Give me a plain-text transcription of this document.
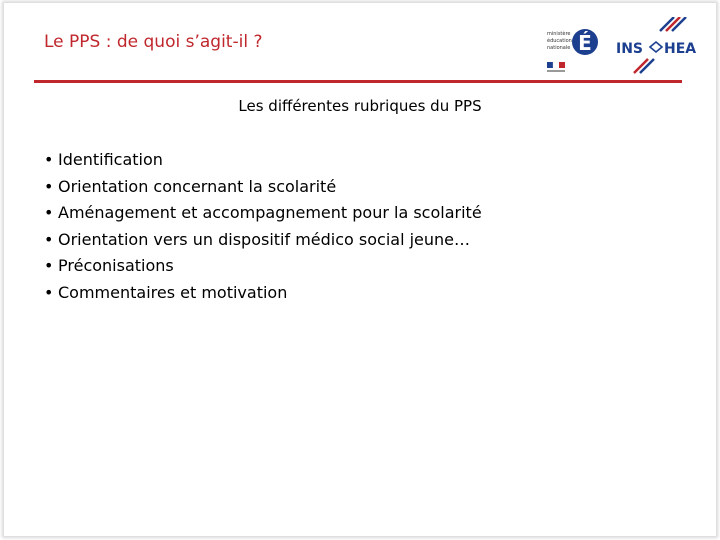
Le PPS : de quoi s’agit-il ?	ministère
éducation
nationale É INS HEA
Les différentes rubriques du PPS
• Identification
• Orientation concernant la scolarité
• Aménagement et accompagnement pour la scolarité
• Orientation vers un dispositif médico social jeune…
• Préconisations
• Commentaires et motivation
